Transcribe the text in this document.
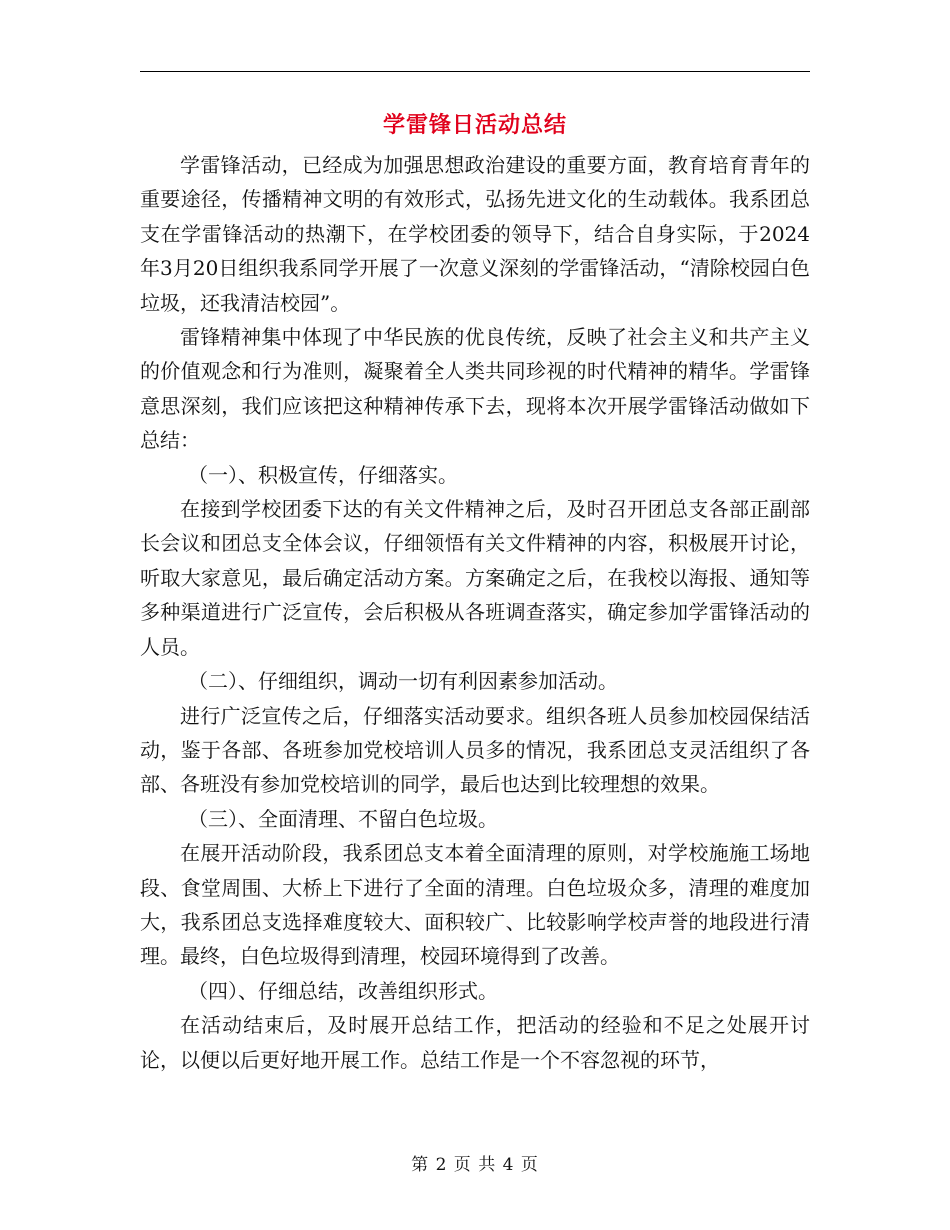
学雷锋日活动总结

学雷锋活动，已经成为加强思想政治建设的重要方面，教育培育青年的重要途径，传播精神文明的有效形式，弘扬先进文化的生动载体。我系团总支在学雷锋活动的热潮下，在学校团委的领导下，结合自身实际，于2024年3月20日组织我系同学开展了一次意义深刻的学雷锋活动，“清除校园白色垃圾，还我清洁校园”。

雷锋精神集中体现了中华民族的优良传统，反映了社会主义和共产主义的价值观念和行为准则，凝聚着全人类共同珍视的时代精神的精华。学雷锋意思深刻，我们应该把这种精神传承下去，现将本次开展学雷锋活动做如下总结：

（一）、积极宣传，仔细落实。

在接到学校团委下达的有关文件精神之后，及时召开团总支各部正副部长会议和团总支全体会议，仔细领悟有关文件精神的内容，积极展开讨论，听取大家意见，最后确定活动方案。方案确定之后，在我校以海报、通知等多种渠道进行广泛宣传，会后积极从各班调查落实，确定参加学雷锋活动的人员。

（二）、仔细组织，调动一切有利因素参加活动。

进行广泛宣传之后，仔细落实活动要求。组织各班人员参加校园保结活动，鉴于各部、各班参加党校培训人员多的情况，我系团总支灵活组织了各部、各班没有参加党校培训的同学，最后也达到比较理想的效果。

（三）、全面清理、不留白色垃圾。

在展开活动阶段，我系团总支本着全面清理的原则，对学校施施工场地段、食堂周围、大桥上下进行了全面的清理。白色垃圾众多，清理的难度加大，我系团总支选择难度较大、面积较广、比较影响学校声誉的地段进行清理。最终，白色垃圾得到清理，校园环境得到了改善。

（四）、仔细总结，改善组织形式。

在活动结束后，及时展开总结工作，把活动的经验和不足之处展开讨论，以便以后更好地开展工作。总结工作是一个不容忽视的环节，

第 2 页 共 4 页
